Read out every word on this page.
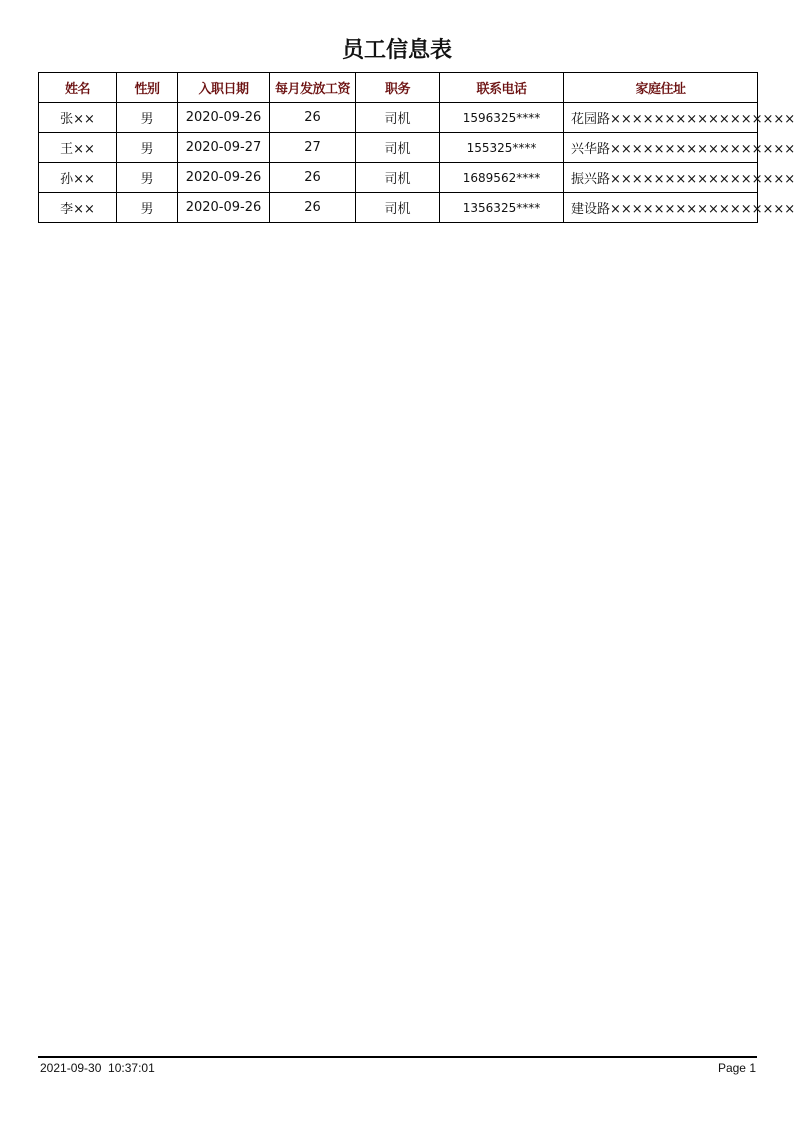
员工信息表
姓名	性别	入职日期	每月发放工资	职务	联系电话	家庭住址
张××	男	2020-09-26	26	司机	1596325****	花园路×××××××××××××××××
王××	男	2020-09-27	27	司机	155325****	兴华路×××××××××××××××××
孙××	男	2020-09-26	26	司机	1689562****	振兴路×××××××××××××××××
李××	男	2020-09-26	26	司机	1356325****	建设路×××××××××××××××××
2021-09-30  10:37:01	Page 1
